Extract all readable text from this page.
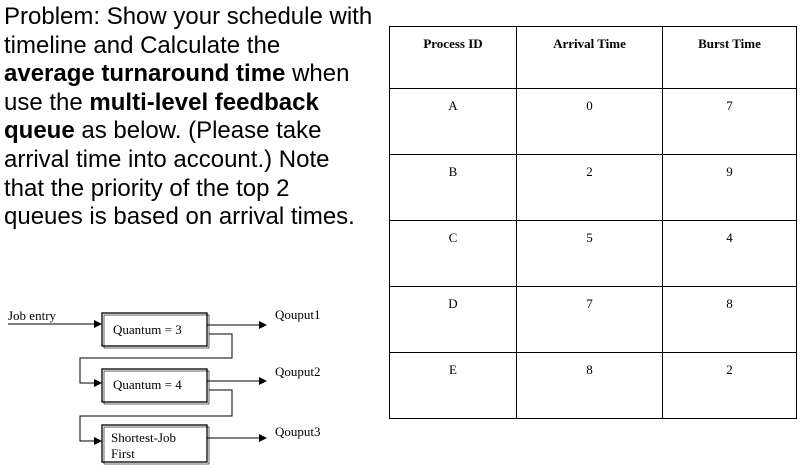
Problem: Show your schedule with timeline and Calculate the average turnaround time when use the multi-level feedback queue as below. (Please take arrival time into account.) Note that the priority of the top 2 queues is based on arrival times.

Job entry
Quantum = 3
Qouput1
Quantum = 4
Qouput2
Shortest-Job
First
Qouput3
Process ID	Arrival Time	Burst Time
A	0	7
B	2	9
C	5	4
D	7	8
E	8	2
